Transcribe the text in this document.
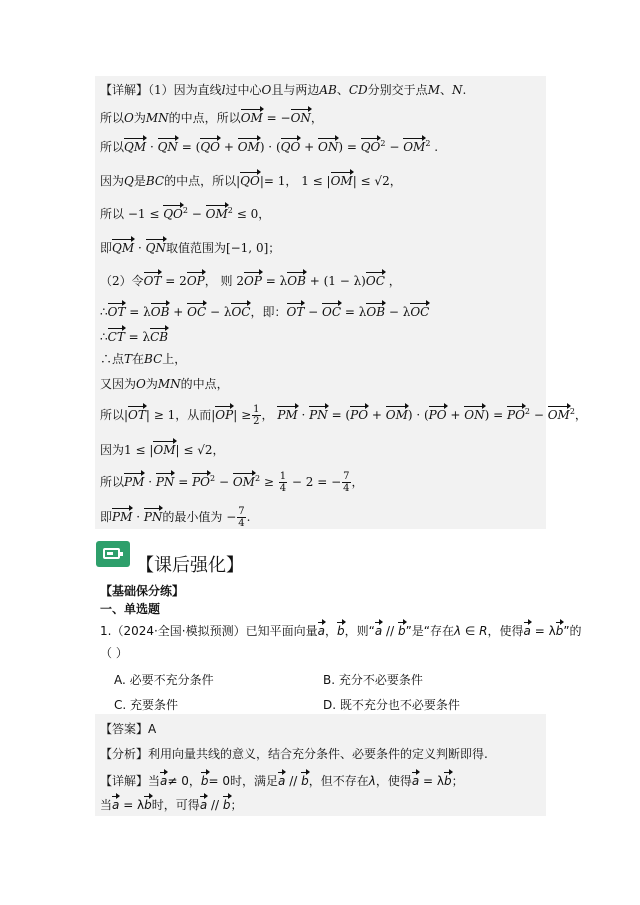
【详解】（1）因为直线l过中心O且与两边AB、CD分别交于点M、N.
所以O为MN的中点，所以OM = −ON，
所以QM · QN = $(QO + OM) \cdot (QO + ON) = QO^2 - OM^2$ .
因为Q是BC的中点，所以|QO|= 1， 1 ≤ |OM| ≤ √2，
所以 $-1 \le QO^2 - OM^2 \le 0$，
即QM · QN取值范围为[−1, 0]；
（2）令OT = 2OP， 则 2OP = λOB + (1 − λ)OC ，
∴OT = λOB + OC − λOC，即：OT − OC = λOB − λOC
∴CT = λCB
∴点T在BC上，
又因为O为MN的中点，
所以|OT| ≥ 1，从而$|OP| \ge \frac{1}{2}$ ， PM · PN = $(PO + OM) \cdot (PO + ON) = PO^2 - OM^2$，
因为1 ≤ |OM| ≤ √2，
所以PM · PN = $PO^2 - OM^2 \ge \frac{1}{4} - 2$ = − $\frac{7}{4}$ ，
即PM · PN的最小值为 − $\frac{7}{4}$ .
【课后强化】
【基础保分练】
一、单选题
1.（2024·全国·模拟预测）已知平面向量a，b，则“a // b”是“存在λ ∈ R，使得a = λb”的
（ ）
A. 必要不充分条件	B. 充分不必要条件
C. 充要条件	D. 既不充分也不必要条件
【答案】A
【分析】利用向量共线的意义，结合充分条件、必要条件的定义判断即得.
【详解】当a≠ 0，b= 0时，满足a // b，但不存在λ，使得a = λb；
当a = λb时，可得a // b；
